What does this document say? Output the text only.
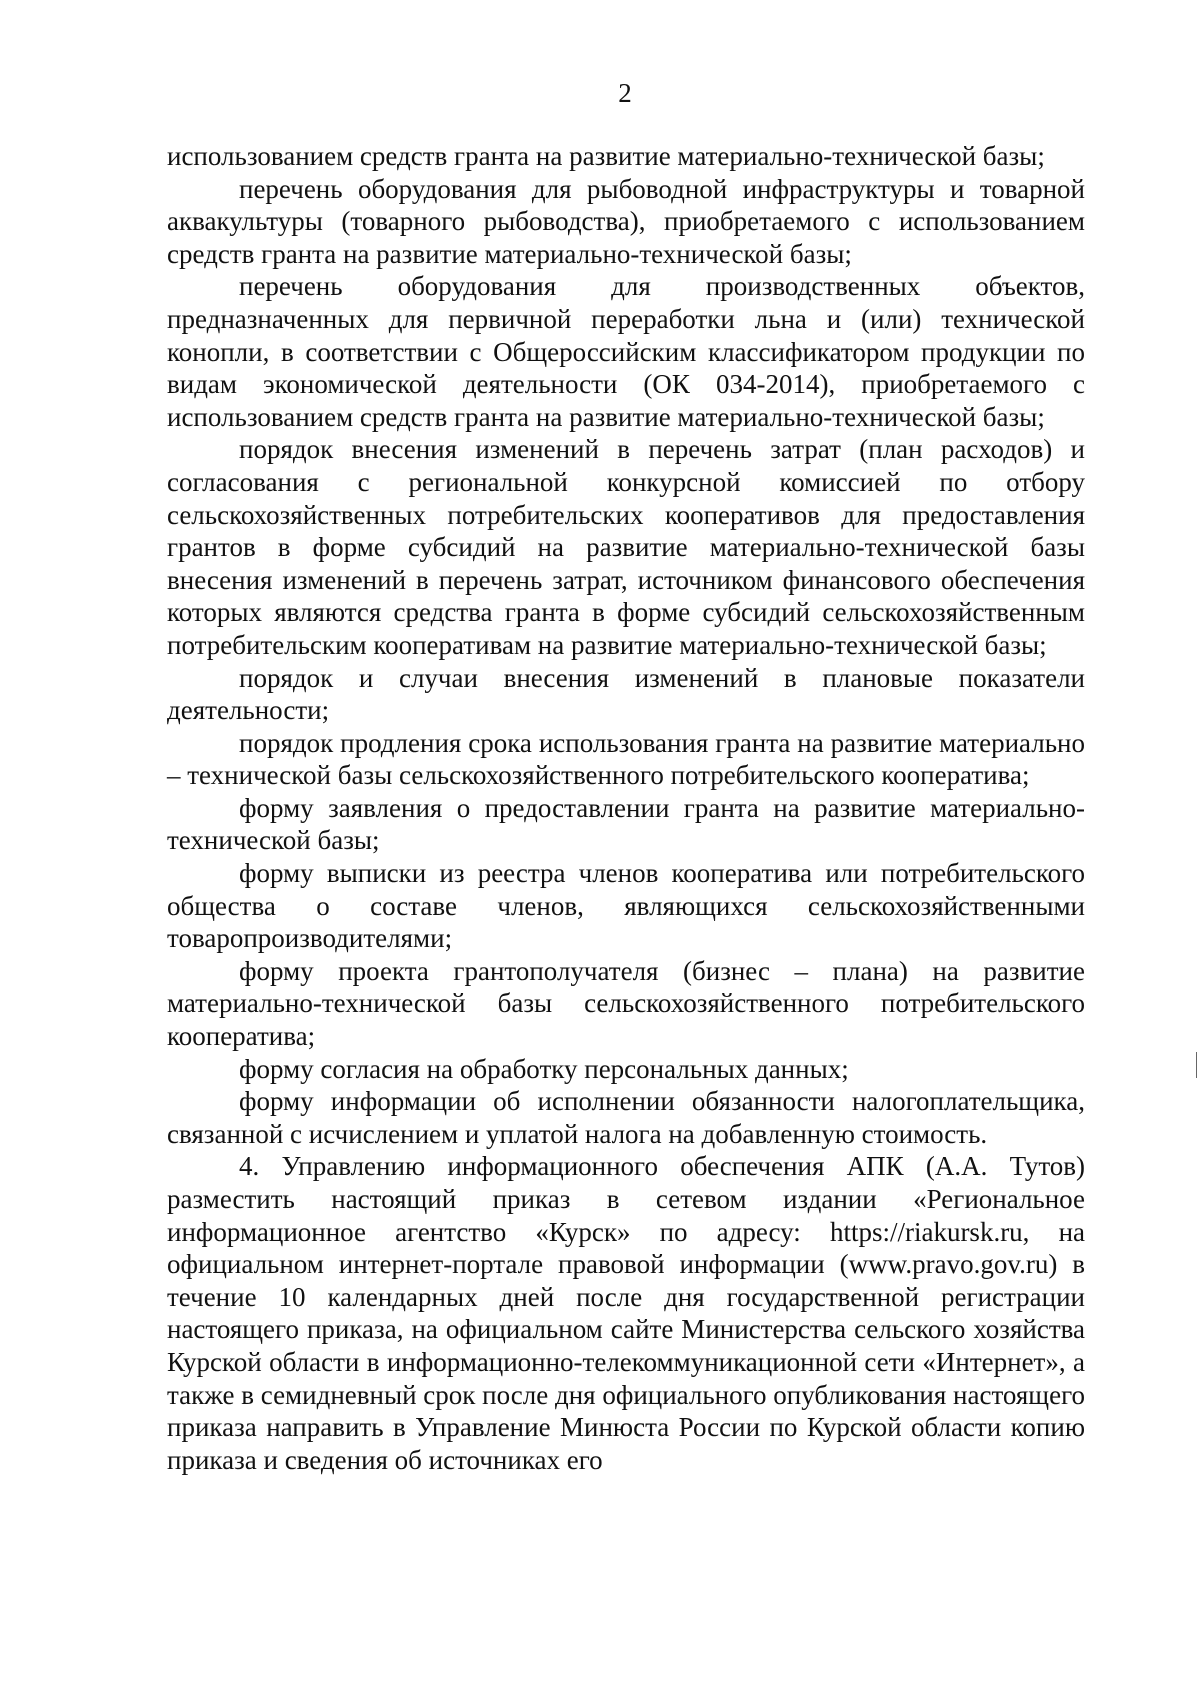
2

использованием средств гранта на развитие материально-технической базы;

перечень оборудования для рыбоводной инфраструктуры и товарной аквакультуры (товарного рыбоводства), приобретаемого с использованием средств гранта на развитие материально-технической базы;

перечень оборудования для производственных объектов, предназначенных для первичной переработки льна и (или) технической конопли, в соответствии с Общероссийским классификатором продукции по видам экономической деятельности (ОК 034-2014), приобретаемого с использованием средств гранта на развитие материально-технической базы;

порядок внесения изменений в перечень затрат (план расходов) и согласования с региональной конкурсной комиссией по отбору сельскохозяйственных потребительских кооперативов для предоставления грантов в форме субсидий на развитие материально-технической базы внесения изменений в перечень затрат, источником финансового обеспечения которых являются средства гранта в форме субсидий сельскохозяйственным потребительским кооперативам на развитие материально-технической базы;

порядок и случаи внесения изменений в плановые показатели деятельности;

порядок продления срока использования гранта на развитие материально – технической базы сельскохозяйственного потребительского кооператива;

форму заявления о предоставлении гранта на развитие материально-технической базы;

форму выписки из реестра членов кооператива или потребительского общества о составе членов, являющихся сельскохозяйственными товаропроизводителями;

форму проекта грантополучателя (бизнес – плана) на развитие материально-технической базы сельскохозяйственного потребительского кооператива;

форму согласия на обработку персональных данных;

форму информации об исполнении обязанности налогоплательщика, связанной с исчислением и уплатой налога на добавленную стоимость.

4. Управлению информационного обеспечения АПК (А.А. Тутов) разместить настоящий приказ в сетевом издании «Региональное информационное агентство «Курск» по адресу: https://riakursk.ru, на официальном интернет-портале правовой информации (www.pravo.gov.ru) в течение 10 календарных дней после дня государственной регистрации настоящего приказа, на официальном сайте Министерства сельского хозяйства Курской области в информационно-телекоммуникационной сети «Интернет», а также в семидневный срок после дня официального опубликования настоящего приказа направить в Управление Минюста России по Курской области копию приказа и сведения об источниках его
